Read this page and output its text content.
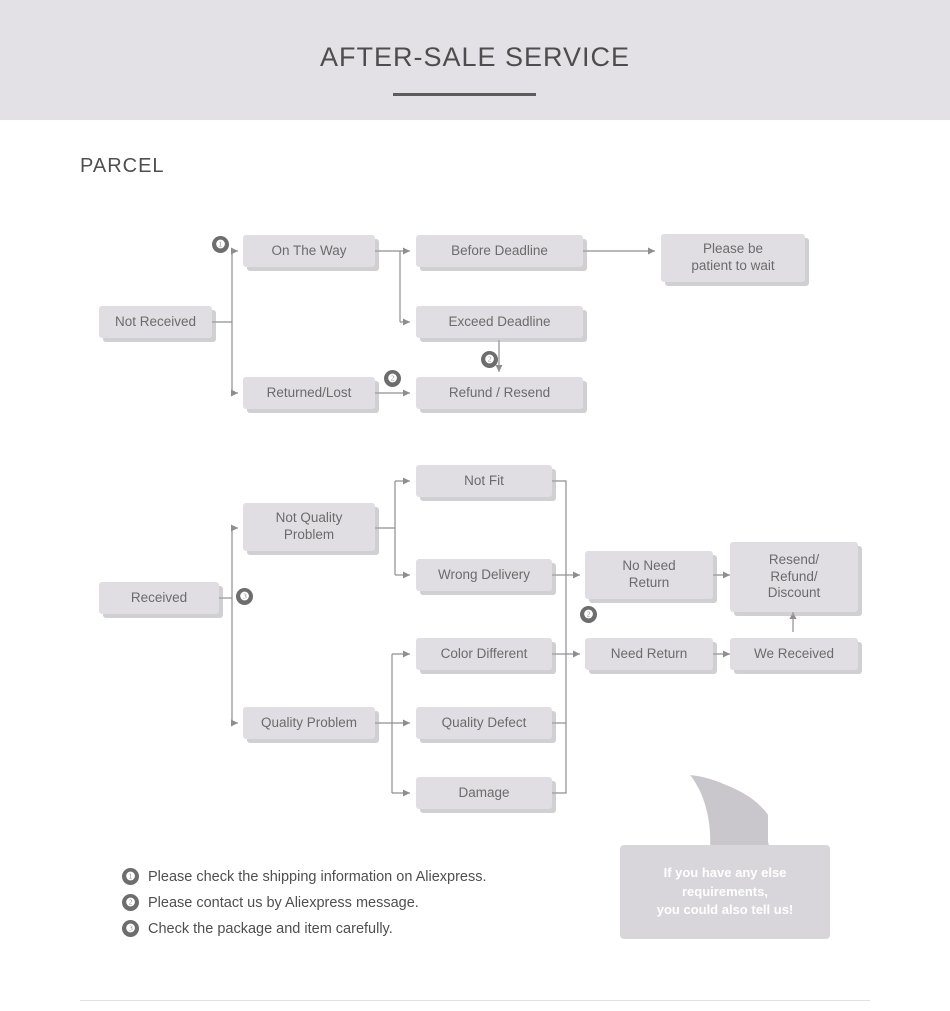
AFTER-SALE SERVICE
PARCEL
Not Received
On The Way	Before Deadline	Please be
patient to wait
Exceed Deadline
Returned/Lost	Refund / Resend
Received
Not Quality
Problem
Not Fit
Wrong Delivery
Quality Problem
Color Different
Quality Defect
Damage
No Need
Return
Need Return	We Received
Resend/
Refund/
Discount
❶
❷
❷
❸
❷
❶ Please check the shipping information on Aliexpress.
❷ Please contact us by Aliexpress message.
❸ Check the package and item carefully.
If you have any else
requirements,
you could also tell us!
